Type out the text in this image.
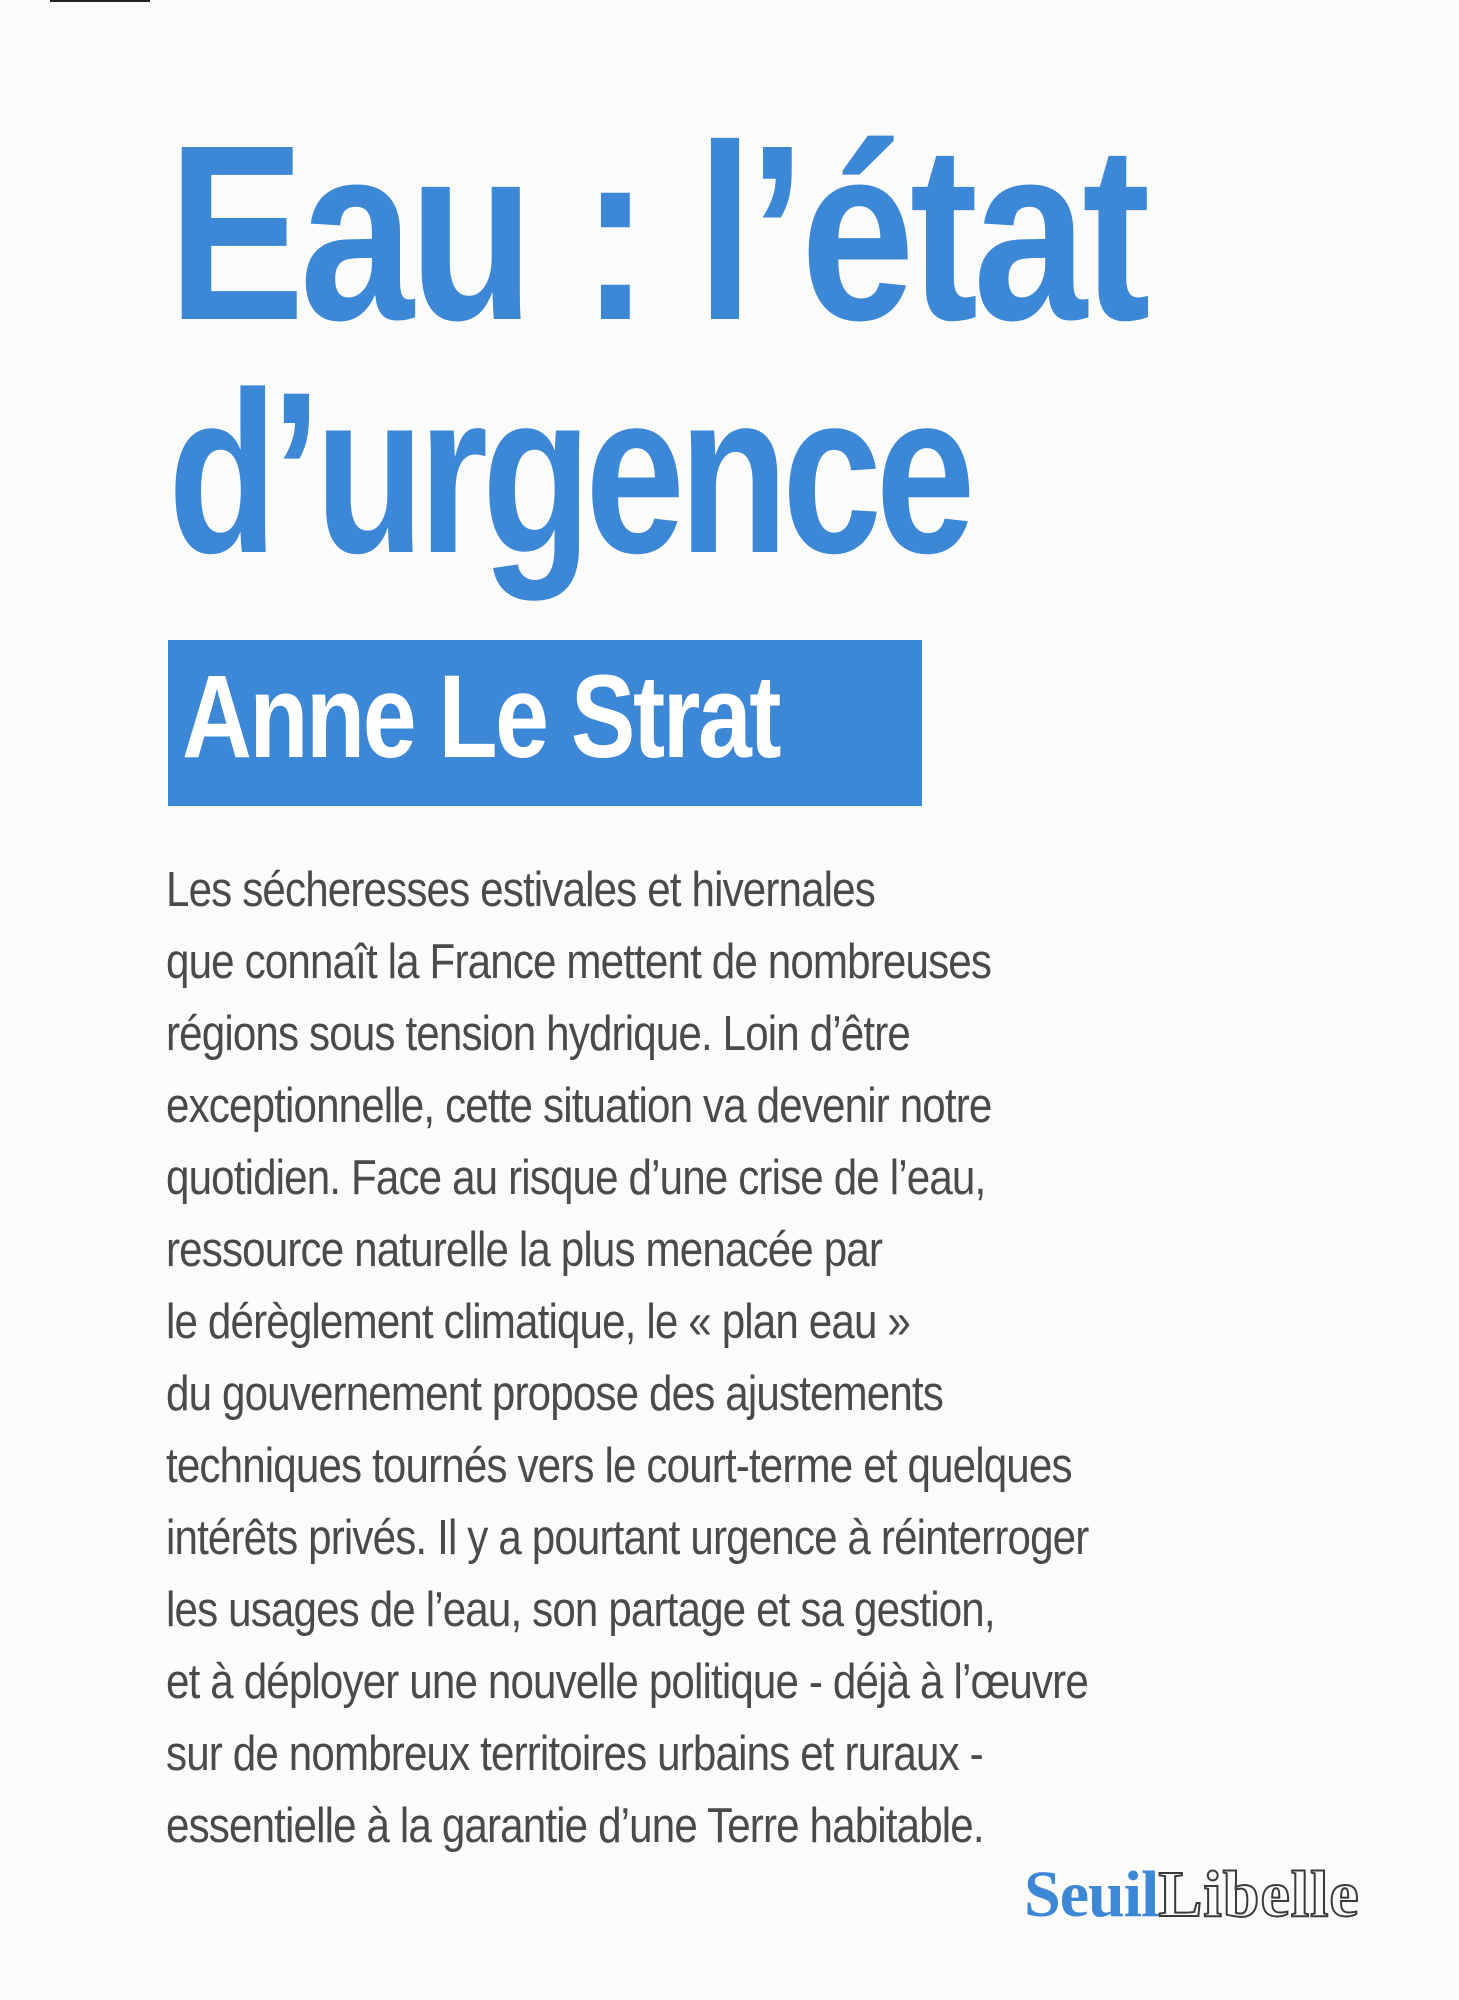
Eau : l’état
d’urgence
Anne Le Strat
Les sécheresses estivales et hivernales
que connaît la France mettent de nombreuses
régions sous tension hydrique. Loin d’être
exceptionnelle, cette situation va devenir notre
quotidien. Face au risque d’une crise de l’eau,
ressource naturelle la plus menacée par
le dérèglement climatique, le « plan eau »
du gouvernement propose des ajustements
techniques tournés vers le court-terme et quelques
intérêts privés. Il y a pourtant urgence à réinterroger
les usages de l’eau, son partage et sa gestion,
et à déployer une nouvelle politique - déjà à l’œuvre
sur de nombreux territoires urbains et ruraux -
essentielle à la garantie d’une Terre habitable.
SeuilLibelle
